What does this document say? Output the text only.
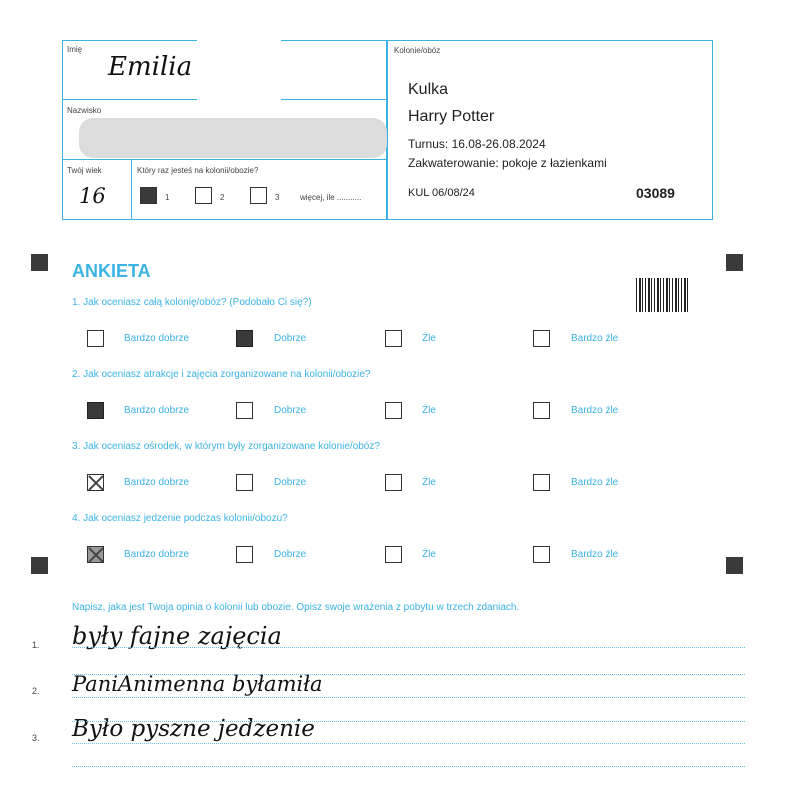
Imię
Emilia
Nazwisko
Twój wiek
16
Który raz jesteś na kolonii/obozie?
1	2	3	więcej, ile ...........
Kolonie/obóz
Kulka
Harry Potter
Turnus: 16.08-26.08.2024
Zakwaterowanie: pokoje z łazienkami
KUL 06/08/24	03089
ANKIETA
1. Jak oceniasz całą kolonię/obóz? (Podobało Ci się?)
2. Jak oceniasz atrakcje i zajęcia zorganizowane na kolonii/obozie?
3. Jak oceniasz ośrodek, w którym były zorganizowane kolonie/obóz?
4. Jak oceniasz jedzenie podczas kolonii/obozu?
Bardzo dobrze	Dobrze	Źle	Bardzo źle
Bardzo dobrze	Dobrze	Źle	Bardzo źle
Bardzo dobrze	Dobrze	Źle	Bardzo źle
Bardzo dobrze	Dobrze	Źle	Bardzo źle
Napisz, jaka jest Twoja opinia o kolonii lub obozie. Opisz swoje wrażenia z pobytu w trzech zdaniach.
1. były fajne zajęcia
2. PaniAnimenna byłamiła
3. Było pyszne jedzenie
